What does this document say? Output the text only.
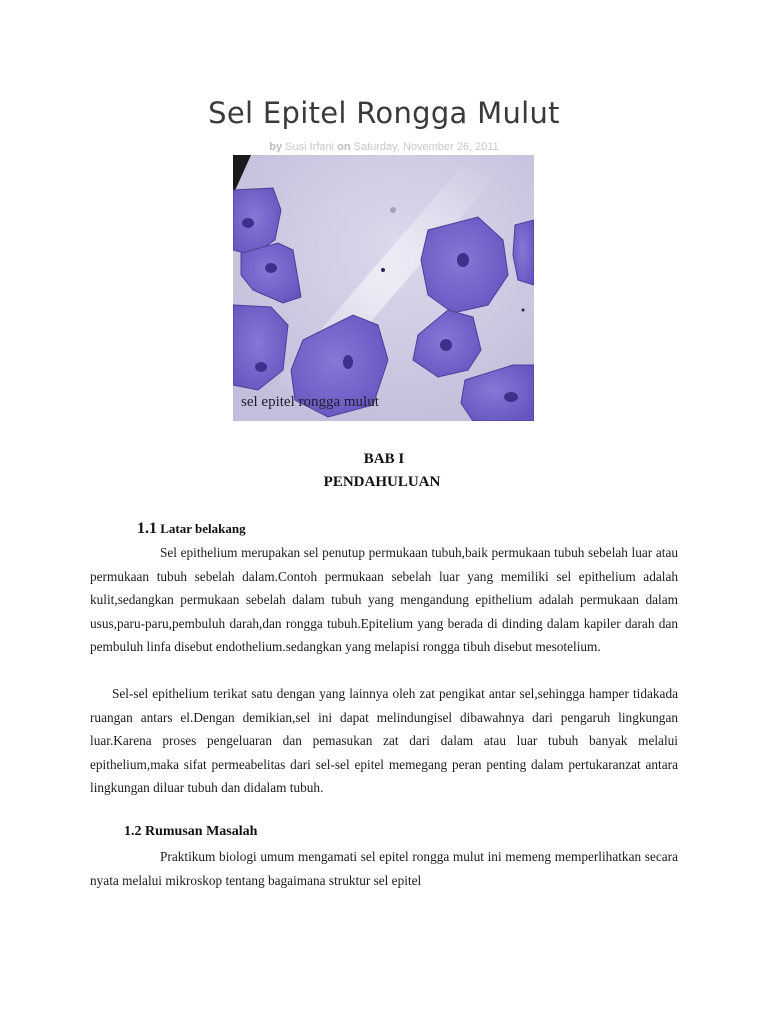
Sel Epitel Rongga Mulut
by Susi Irfani on Saturday, November 26, 2011
sel epitel rongga mulut
BAB I
PENDAHULUAN
1.1 Latar belakang

Sel epithelium merupakan sel penutup permukaan tubuh,baik permukaan tubuh sebelah luar atau permukaan tubuh sebelah dalam.Contoh permukaan sebelah luar yang memiliki sel epithelium adalah kulit,sedangkan permukaan sebelah dalam tubuh yang mengandung epithelium adalah permukaan dalam usus,paru-paru,pembuluh darah,dan rongga tubuh.Epitelium yang berada di dinding dalam kapiler darah dan pembuluh linfa disebut endothelium.sedangkan yang melapisi rongga tibuh disebut mesotelium.

Sel-sel epithelium terikat satu dengan yang lainnya oleh zat pengikat antar sel,sehingga hamper tidakada ruangan antars el.Dengan demikian,sel ini dapat melindungisel dibawahnya dari pengaruh lingkungan luar.Karena proses pengeluaran dan pemasukan zat dari dalam atau luar tubuh banyak melalui epithelium,maka sifat permeabelitas dari sel-sel epitel memegang peran penting dalam pertukaranzat antara lingkungan diluar tubuh dan didalam tubuh.

1.2 Rumusan Masalah

Praktikum biologi umum mengamati sel epitel rongga mulut ini memeng memperlihatkan secara nyata melalui mikroskop tentang bagaimana struktur sel epitel
